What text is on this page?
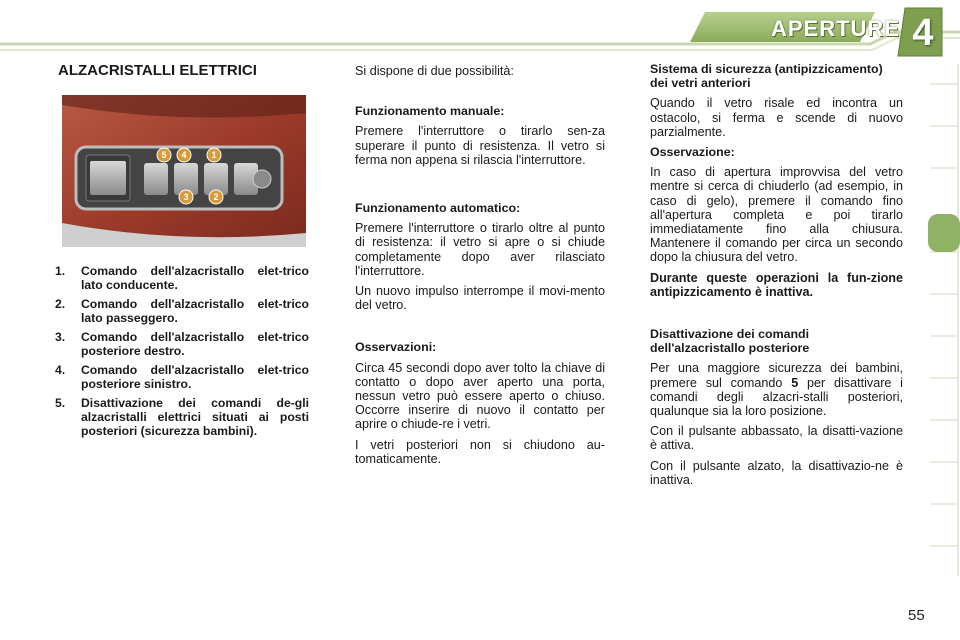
APERTURE 4
ALZACRISTALLI ELETTRICI
5 4	1
3	2
1.	Comando dell'alzacristallo elet-trico lato conducente.
2.	Comando dell'alzacristallo elet-trico lato passeggero.
3.	Comando dell'alzacristallo elet-trico posteriore destro.
4.	Comando dell'alzacristallo elet-trico posteriore sinistro.
5.	Disattivazione dei comandi de-gli alzacristalli elettrici situati ai posti posteriori (sicurezza bambini).

Si dispone di due possibilità:

Funzionamento manuale:

Premere l'interruttore o tirarlo sen-za superare il punto di resistenza. Il vetro si ferma non appena si rilascia l'interruttore.

Funzionamento automatico:

Premere l'interruttore o tirarlo oltre al punto di resistenza: il vetro si apre o si chiude completamente dopo aver rilasciato l'interruttore.

Un nuovo impulso interrompe il movi-mento del vetro.

Osservazioni:

Circa 45 secondi dopo aver tolto la chiave di contatto o dopo aver aperto una porta, nessun vetro può essere aperto o chiuso. Occorre inserire di nuovo il contatto per aprire o chiude-re i vetri.

I vetri posteriori non si chiudono au-tomaticamente.

Sistema di sicurezza (antipizzicamento) dei vetri anteriori

Quando il vetro risale ed incontra un ostacolo, si ferma e scende di nuovo parzialmente.

Osservazione:

In caso di apertura improvvisa del vetro mentre si cerca di chiuderlo (ad esempio, in caso di gelo), premere il comando fino all'apertura completa e poi tirarlo immediatamente fino alla chiusura. Mantenere il comando per circa un secondo dopo la chiusura del vetro.

Durante queste operazioni la fun-zione antipizzicamento è inattiva.

Disattivazione dei comandi dell'alzacristallo posteriore

Per una maggiore sicurezza dei bambini, premere sul comando 5 per disattivare i comandi degli alzacri-stalli posteriori, qualunque sia la loro posizione.

Con il pulsante abbassato, la disatti-vazione è attiva.

Con il pulsante alzato, la disattivazio-ne è inattiva.

55
